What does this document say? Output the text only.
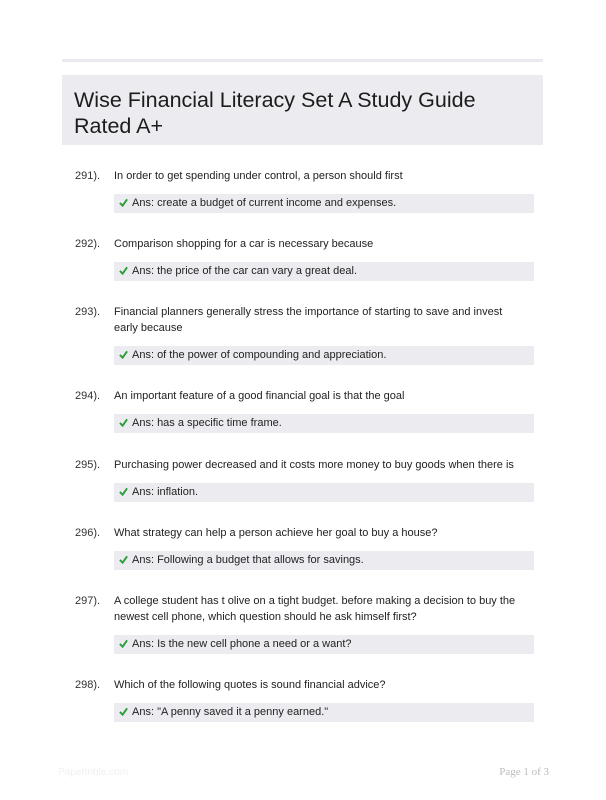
Wise Financial Literacy Set A Study Guide Rated A+
291). In order to get spending under control, a person should first
Ans: create a budget of current income and expenses.
292). Comparison shopping for a car is necessary because
Ans: the price of the car can vary a great deal.
293). Financial planners generally stress the importance of starting to save and invest early because
Ans: of the power of compounding and appreciation.
294). An important feature of a good financial goal is that the goal
Ans: has a specific time frame.
295). Purchasing power decreased and it costs more money to buy goods when there is
Ans: inflation.
296). What strategy can help a person achieve her goal to buy a house?
Ans: Following a budget that allows for savings.
297). A college student has t olive on a tight budget. before making a decision to buy the newest cell phone, which question should he ask himself first?
Ans: Is the new cell phone a need or a want?
298). Which of the following quotes is sound financial advice?
Ans: "A penny saved it a penny earned."
Papertrible.com	Page 1 of 3
